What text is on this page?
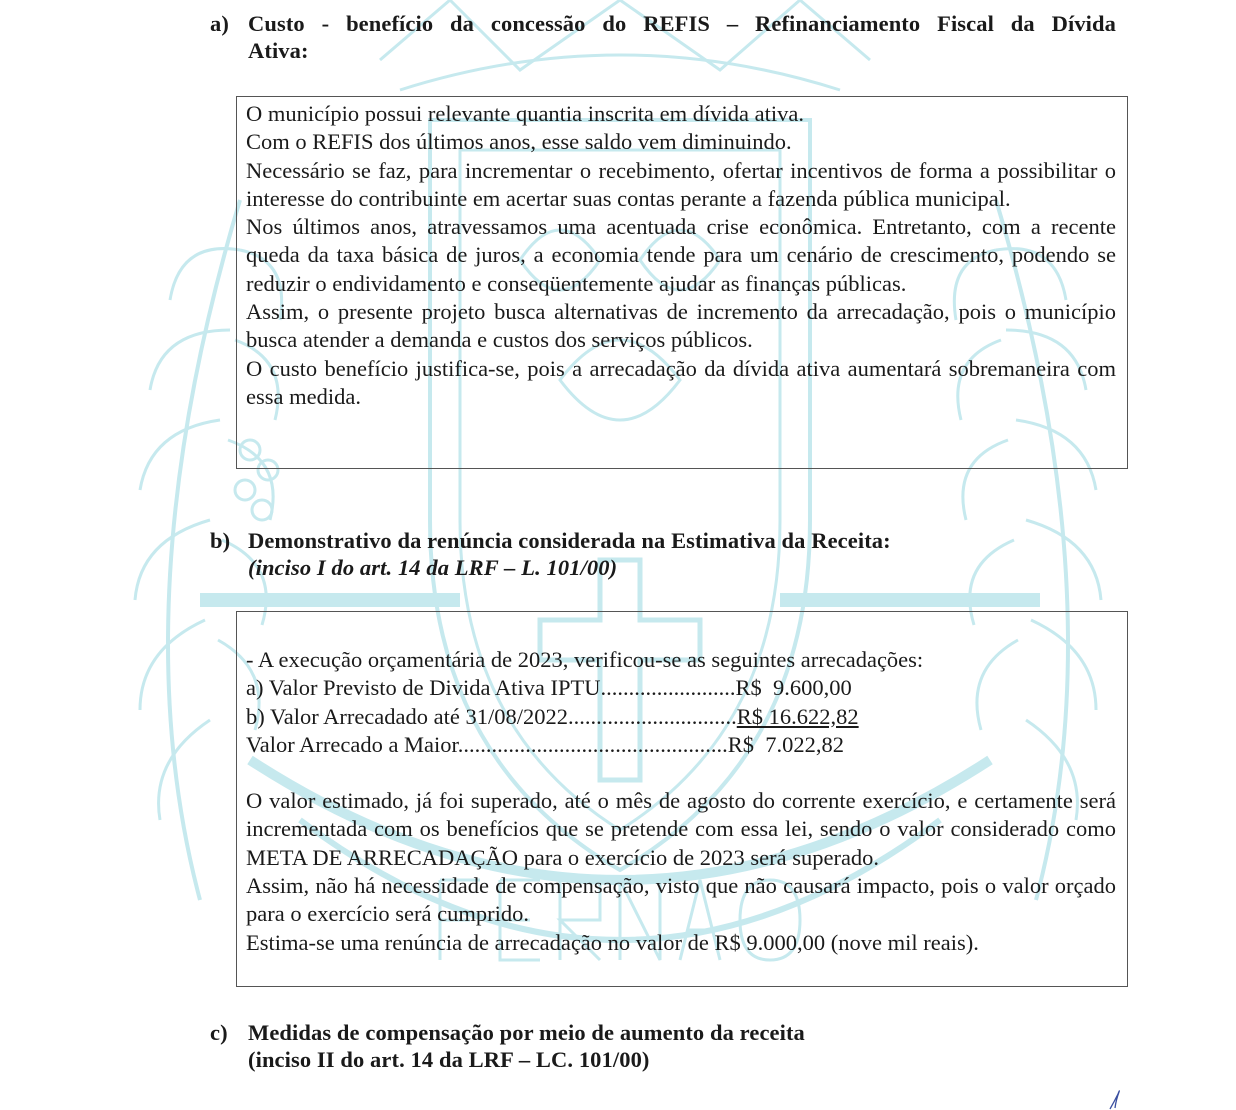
a) Custo - benefício da concessão do REFIS – Refinanciamento Fiscal da Dívida
Ativa:

O município possui relevante quantia inscrita em dívida ativa.

Com o REFIS dos últimos anos, esse saldo vem diminuindo.

Necessário se faz, para incrementar o recebimento, ofertar incentivos de forma a possibilitar o interesse do contribuinte em acertar suas contas perante a fazenda pública municipal.

Nos últimos anos, atravessamos uma acentuada crise econômica. Entretanto, com a recente queda da taxa básica de juros, a economia tende para um cenário de crescimento, podendo se reduzir o endividamento e conseqüentemente ajudar as finanças públicas.

Assim, o presente projeto busca alternativas de incremento da arrecadação, pois o município busca atender a demanda e custos dos serviços públicos.

O custo benefício justifica-se, pois a arrecadação da dívida ativa aumentará sobremaneira com essa medida.

b) Demonstrativo da renúncia considerada na Estimativa da Receita:
(inciso I do art. 14 da LRF – L. 101/00)

- A execução orçamentária de 2023, verificou-se as seguintes arrecadações:

a) Valor Previsto de Divida Ativa IPTU........................R$  9.600,00

b) Valor Arrecadado até 31/08/2022..............................R$ 16.622,82

Valor Arrecado a Maior................................................R$  7.022,82

O valor estimado, já foi superado, até o mês de agosto do corrente exercício, e certamente será incrementada com os benefícios que se pretende com essa lei, sendo o valor considerado como META DE ARRECADAÇÃO para o exercício de 2023 será superado.

Assim, não há necessidade de compensação, visto que não causará impacto, pois o valor orçado para o exercício será cumprido.

Estima-se uma renúncia de arrecadação no valor de R$ 9.000,00 (nove mil reais).

c) Medidas de compensação por meio de aumento da receita
(inciso II do art. 14 da LRF – LC. 101/00)
